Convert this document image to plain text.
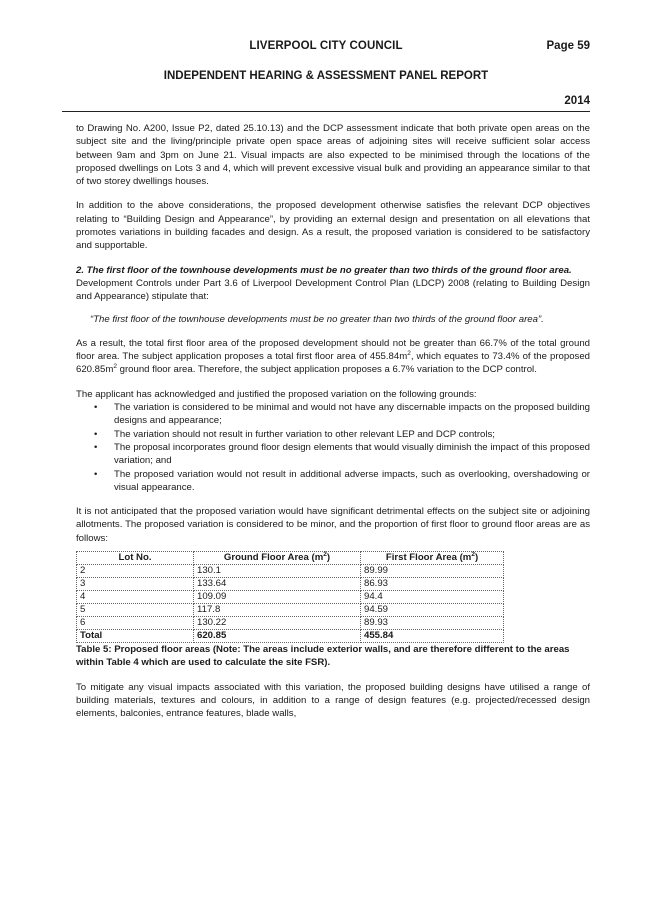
LIVERPOOL CITY COUNCIL	Page 59
INDEPENDENT HEARING & ASSESSMENT PANEL REPORT
2014

to Drawing No. A200, Issue P2, dated 25.10.13) and the DCP assessment indicate that both private open areas on the subject site and the living/principle private open space areas of adjoining sites will receive sufficient solar access between 9am and 3pm on June 21. Visual impacts are also expected to be minimised through the locations of the proposed dwellings on Lots 3 and 4, which will prevent excessive visual bulk and providing an appearance similar to that of two storey dwellings houses.

In addition to the above considerations, the proposed development otherwise satisfies the relevant DCP objectives relating to “Building Design and Appearance”, by providing an external design and presentation on all elevations that promotes variations in building facades and design. As a result, the proposed variation is considered to be satisfactory and supportable.

2. The first floor of the townhouse developments must be no greater than two thirds of the ground floor area.

Development Controls under Part 3.6 of Liverpool Development Control Plan (LDCP) 2008 (relating to Building Design and Appearance) stipulate that:

“The first floor of the townhouse developments must be no greater than two thirds of the ground floor area”.

As a result, the total first floor area of the proposed development should not be greater than 66.7% of the total ground floor area. The subject application proposes a total first floor area of $455.84m^2$, which equates to 73.4% of the proposed $620.85m^2$ ground floor area. Therefore, the subject application proposes a 6.7% variation to the DCP control.

The applicant has acknowledged and justified the proposed variation on the following grounds:

• The variation is considered to be minimal and would not have any discernable impacts on the proposed building designs and appearance;
• The variation should not result in further variation to other relevant LEP and DCP controls;
• The proposal incorporates ground floor design elements that would visually diminish the impact of this proposed variation; and
• The proposed variation would not result in additional adverse impacts, such as overlooking, overshadowing or visual appearance.

It is not anticipated that the proposed variation would have significant detrimental effects on the subject site or adjoining allotments. The proposed variation is considered to be minor, and the proportion of first floor to ground floor areas are as follows:

Lot No.	Ground Floor Area $(m^2)$	First Floor Area $(m^2)$
2	130.1	89.99
3	133.64	86.93
4	109.09	94.4
5	117.8	94.59
6	130.22	89.93
Total	620.85	455.84

Table 5: Proposed floor areas (Note: The areas include exterior walls, and are therefore different to the areas within Table 4 which are used to calculate the site FSR).

To mitigate any visual impacts associated with this variation, the proposed building designs have utilised a range of building materials, textures and colours, in addition to a range of design features (e.g. projected/recessed design elements, balconies, entrance features, blade walls,
